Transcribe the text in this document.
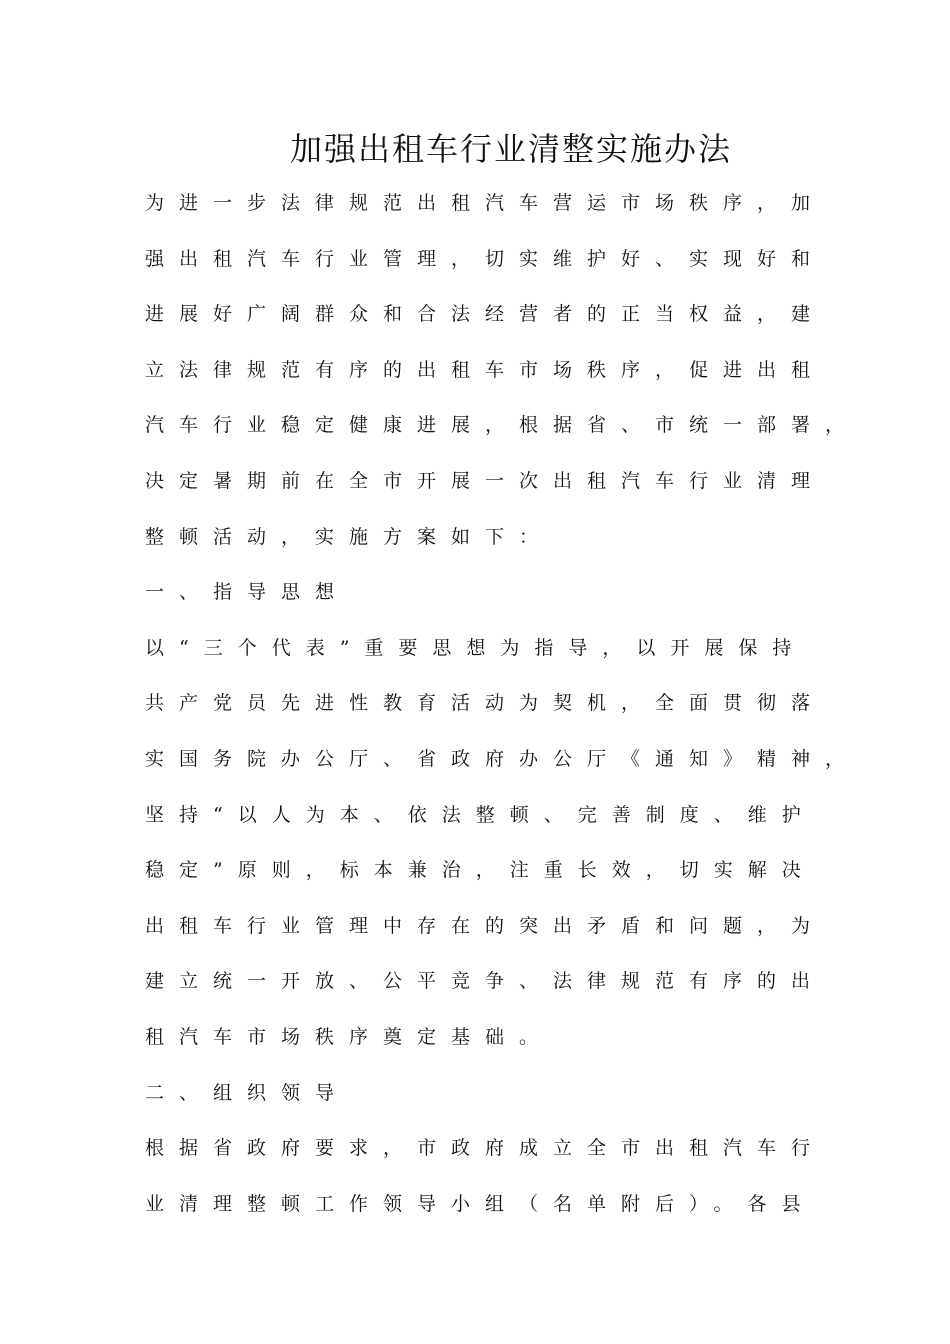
加强出租车行业清整实施办法
为进一步法律规范出租汽车营运市场秩序，加
强出租汽车行业管理，切实维护好、实现好和
进展好广阔群众和合法经营者的正当权益，建
立法律规范有序的出租车市场秩序，促进出租
汽车行业稳定健康进展，根据省、市统一部署，
决定暑期前在全市开展一次出租汽车行业清理
整顿活动，实施方案如下：
一、指导思想
以“三个代表”重要思想为指导，以开展保持
共产党员先进性教育活动为契机，全面贯彻落
实国务院办公厅、省政府办公厅《通知》精神，
坚持“以人为本、依法整顿、完善制度、维护
稳定”原则，标本兼治，注重长效，切实解决
出租车行业管理中存在的突出矛盾和问题，为
建立统一开放、公平竞争、法律规范有序的出
租汽车市场秩序奠定基础。
二、组织领导
根据省政府要求，市政府成立全市出租汽车行
业清理整顿工作领导小组（名单附后）。各县
